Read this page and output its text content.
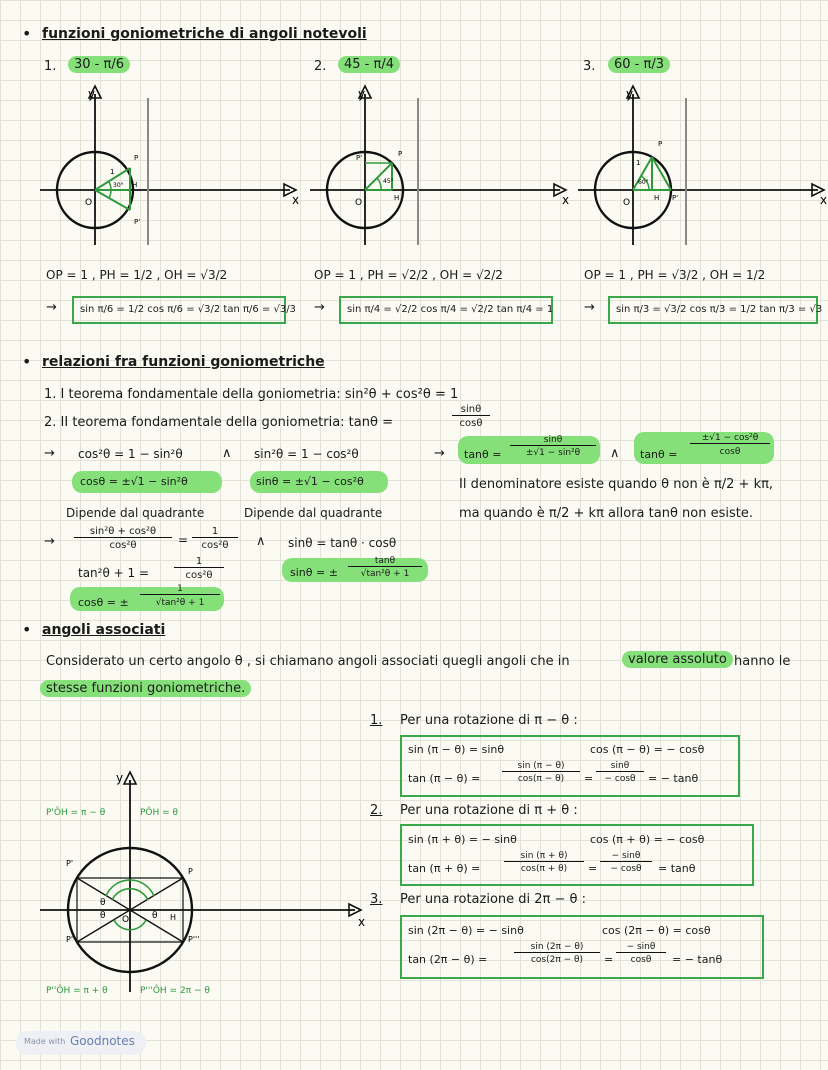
• funzioni goniometriche di angoli notevoli
1.	30 - π/6	2.	45 - π/4	3.	60 - π/3
y
x
O
P
P'
H
1
30°
y
x
O
P
P'
H
45°
y
x
O
P
P'
H
1
60°
OP = 1 , PH = 1/2 , OH = √3/2	OP = 1 , PH = √2/2 , OH = √2/2	OP = 1 , PH = √3/2 , OH = 1/2
→	sin π/6 = 1/2 cos π/6 = √3/2 tan π/6 = √3/3 →	sin π/4 = √2/2 cos π/4 = √2/2 tan π/4 = 1 →	sin π/3 = √3/2 cos π/3 = 1/2 tan π/3 = √3
• relazioni fra funzioni goniometriche
1. I teorema fondamentale della goniometria: sin²θ + cos²θ = 1
2. II teorema fondamentale della goniometria: tanθ =
sinθ
cosθ
→ cos²θ = 1 − sin²θ	∧ sin²θ = 1 − cos²θ
cosθ = ±√1 − sin²θ	sinθ = ±√1 − cos²θ
Dipende dal quadrante	Dipende dal quadrante
→ tanθ =
sinθ
±√1 − sin²θ	∧ tanθ =
±√1 − cos²θ
cosθ
Il denominatore esiste quando θ non è π/2 + kπ,
ma quando è π/2 + kπ allora tanθ non esiste.
→
sin²θ + cos²θ
cos²θ	=
1
cos²θ	∧ sinθ = tanθ · cosθ
tan²θ + 1 =
1
cos²θ	sinθ = ±
tanθ
√tan²θ + 1
cosθ = ±
1
√tan²θ + 1
• angoli associati
Considerato un certo angolo θ , si chiamano angoli associati quegli angoli che in	valore assoluto hanno le
stesse funzioni goniometriche.
y
x
P'
P
P''	P'''
H
O
θ
θ
θ
P'ÔH = π − θ	PÔH = θ
P''ÔH = π + θ	P'''ÔH = 2π − θ
1. Per una rotazione di π − θ :
sin (π − θ) = sinθ	cos (π − θ) = − cosθ
tan (π − θ) =
sin (π − θ)
cos(π − θ)	=
sinθ
− cosθ	= − tanθ
2. Per una rotazione di π + θ :
sin (π + θ) = − sinθ	cos (π + θ) = − cosθ
tan (π + θ) =
sin (π + θ)
cos(π + θ)	=
− sinθ
− cosθ	= tanθ
3. Per una rotazione di 2π − θ :
sin (2π − θ) = − sinθ	cos (2π − θ) = cosθ
tan (2π − θ) =
sin (2π − θ)
cos(2π − θ)	=
− sinθ
cosθ	= − tanθ
Made with Goodnotes
